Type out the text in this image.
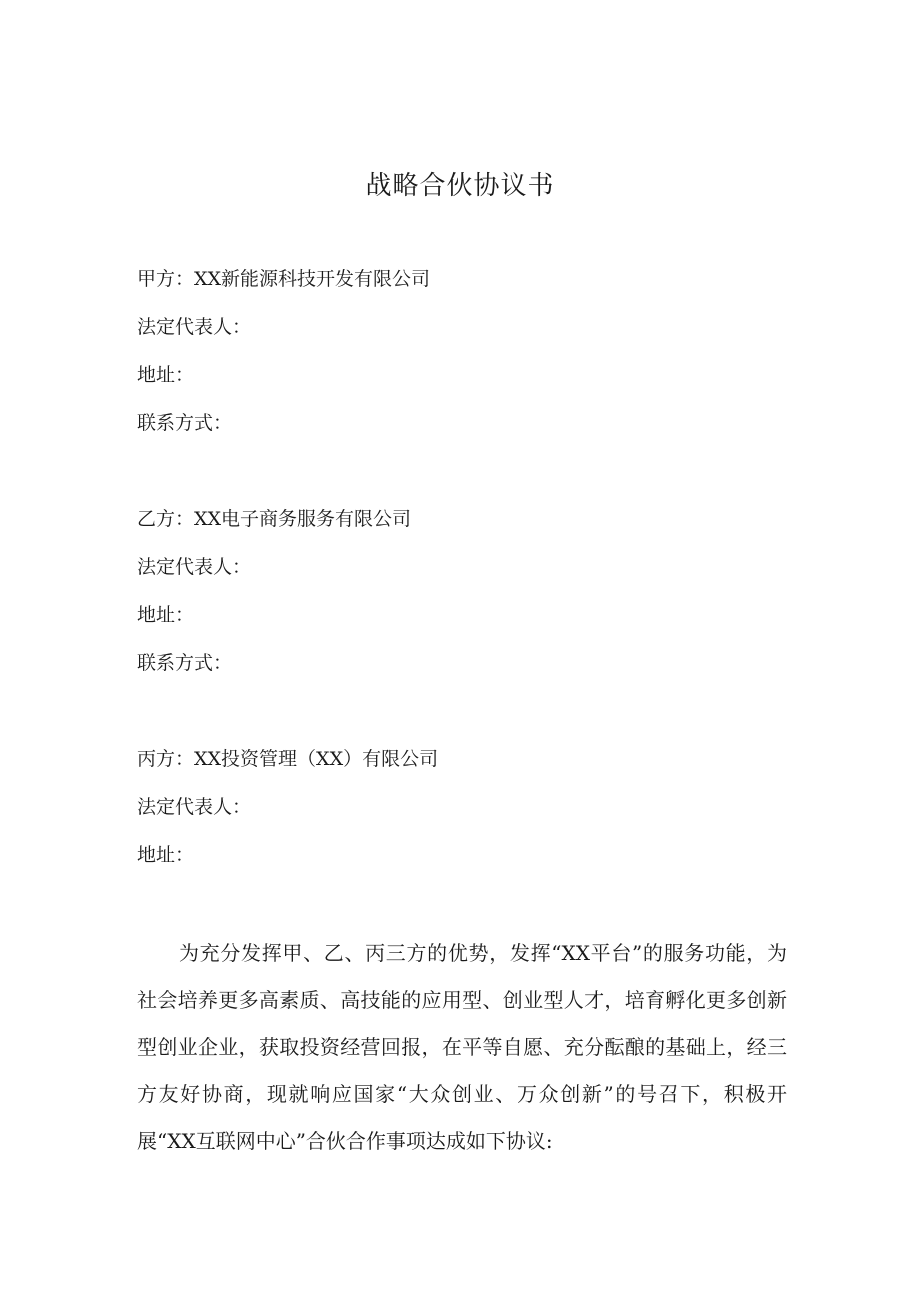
战略合伙协议书
甲方：XX新能源科技开发有限公司
法定代表人：
地址：
联系方式：
乙方：XX电子商务服务有限公司
法定代表人：
地址：
联系方式：
丙方：XX投资管理（XX）有限公司
法定代表人：
地址：
为充分发挥甲、乙、丙三方的优势，发挥“XX平台”的服务功能，为社会培养更多高素质、高技能的应用型、创业型人才，培育孵化更多创新型创业企业，获取投资经营回报，在平等自愿、充分酝酿的基础上，经三方友好协商，现就响应国家“大众创业、万众创新”的号召下，积极开展“XX互联网中心”合伙合作事项达成如下协议:
